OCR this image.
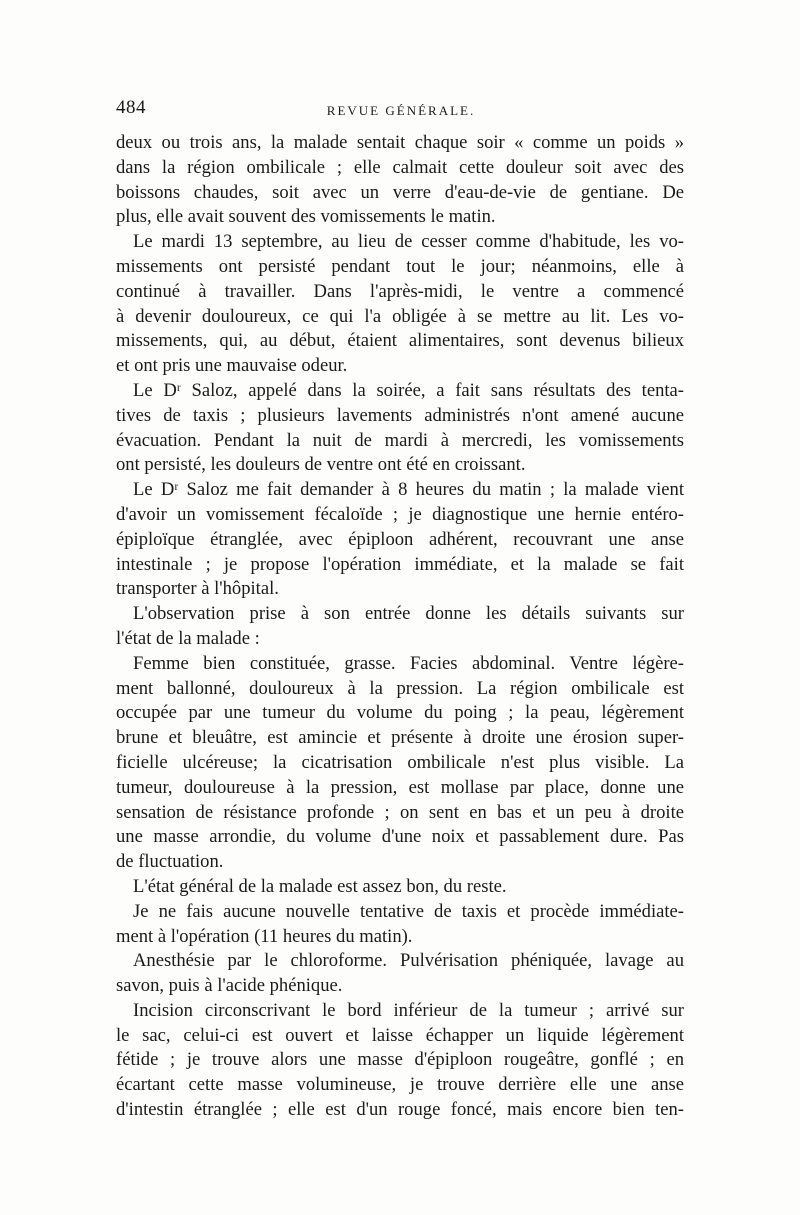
484	REVUE GÉNÉRALE.
deux ou trois ans, la malade sentait chaque soir « comme un poids »
dans la région ombilicale ; elle calmait cette douleur soit avec des
boissons chaudes, soit avec un verre d'eau-de-vie de gentiane. De
plus, elle avait souvent des vomissements le matin.
Le mardi 13 septembre, au lieu de cesser comme d'habitude, les vo-
missements ont persisté pendant tout le jour; néanmoins, elle à
continué à travailler. Dans l'après-midi, le ventre a commencé
à devenir douloureux, ce qui l'a obligée à se mettre au lit. Les vo-
missements, qui, au début, étaient alimentaires, sont devenus bilieux
et ont pris une mauvaise odeur.
Le Dʳ Saloz, appelé dans la soirée, a fait sans résultats des tenta-
tives de taxis ; plusieurs lavements administrés n'ont amené aucune
évacuation. Pendant la nuit de mardi à mercredi, les vomissements
ont persisté, les douleurs de ventre ont été en croissant.
Le Dʳ Saloz me fait demander à 8 heures du matin ; la malade vient
d'avoir un vomissement fécaloïde ; je diagnostique une hernie entéro-
épiploïque étranglée, avec épiploon adhérent, recouvrant une anse
intestinale ; je propose l'opération immédiate, et la malade se fait
transporter à l'hôpital.
L'observation prise à son entrée donne les détails suivants sur
l'état de la malade :
Femme bien constituée, grasse. Facies abdominal. Ventre légère-
ment ballonné, douloureux à la pression. La région ombilicale est
occupée par une tumeur du volume du poing ; la peau, légèrement
brune et bleuâtre, est amincie et présente à droite une érosion super-
ficielle ulcéreuse; la cicatrisation ombilicale n'est plus visible. La
tumeur, douloureuse à la pression, est mollase par place, donne une
sensation de résistance profonde ; on sent en bas et un peu à droite
une masse arrondie, du volume d'une noix et passablement dure. Pas
de fluctuation.
L'état général de la malade est assez bon, du reste.
Je ne fais aucune nouvelle tentative de taxis et procède immédiate-
ment à l'opération (11 heures du matin).
Anesthésie par le chloroforme. Pulvérisation phéniquée, lavage au
savon, puis à l'acide phénique.
Incision circonscrivant le bord inférieur de la tumeur ; arrivé sur
le sac, celui-ci est ouvert et laisse échapper un liquide légèrement
fétide ; je trouve alors une masse d'épiploon rougeâtre, gonflé ; en
écartant cette masse volumineuse, je trouve derrière elle une anse
d'intestin étranglée ; elle est d'un rouge foncé, mais encore bien ten-
